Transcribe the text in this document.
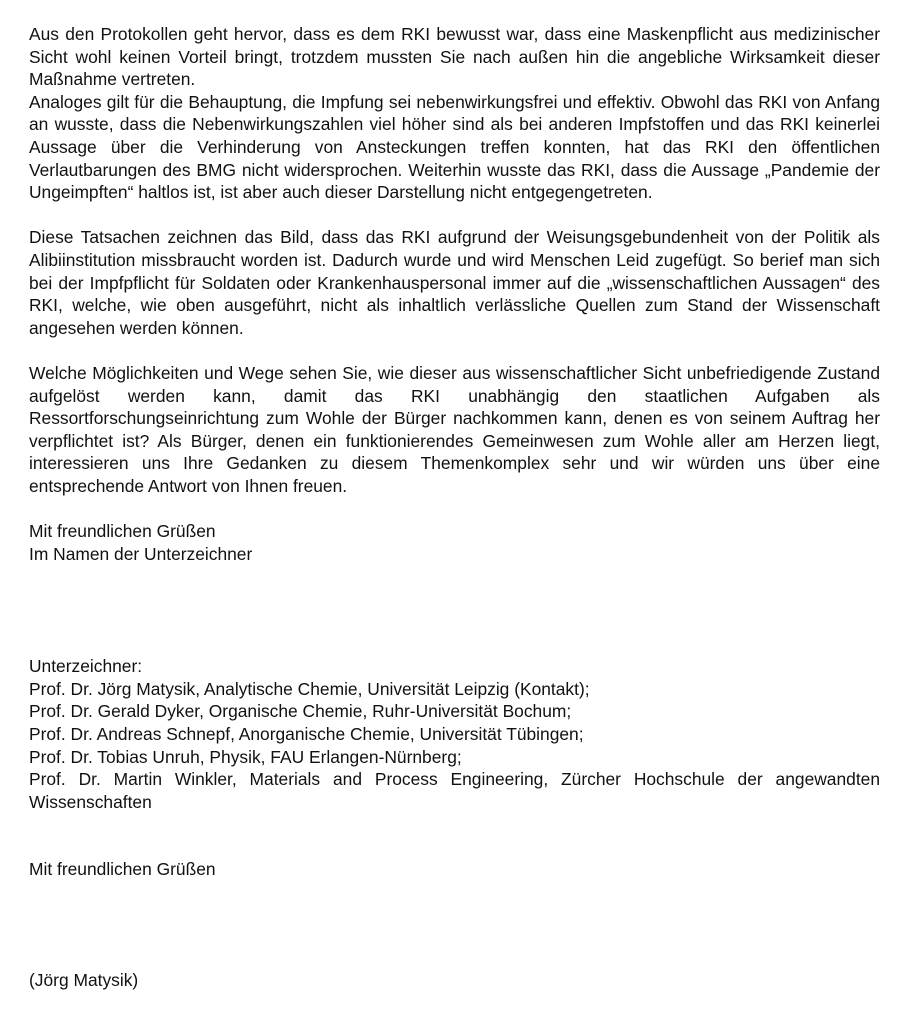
Aus den Protokollen geht hervor, dass es dem RKI bewusst war, dass eine Maskenpflicht aus medizinischer Sicht wohl keinen Vorteil bringt, trotzdem mussten Sie nach außen hin die angebliche Wirksamkeit dieser Maßnahme vertreten.

Analoges gilt für die Behauptung, die Impfung sei nebenwirkungsfrei und effektiv. Obwohl das RKI von Anfang an wusste, dass die Nebenwirkungszahlen viel höher sind als bei anderen Impfstoffen und das RKI keinerlei Aussage über die Verhinderung von Ansteckungen treffen konnten, hat das RKI den öffentlichen Verlautbarungen des BMG nicht widersprochen. Weiterhin wusste das RKI, dass die Aussage „Pandemie der Ungeimpften“ haltlos ist, ist aber auch dieser Darstellung nicht entgegengetreten.

Diese Tatsachen zeichnen das Bild, dass das RKI aufgrund der Weisungsgebundenheit von der Politik als Alibiinstitution missbraucht worden ist. Dadurch wurde und wird Menschen Leid zugefügt. So berief man sich bei der Impfpflicht für Soldaten oder Krankenhauspersonal immer auf die „wissenschaftlichen Aussagen“ des RKI, welche, wie oben ausgeführt, nicht als inhaltlich verlässliche Quellen zum Stand der Wissenschaft angesehen werden können.

Welche Möglichkeiten und Wege sehen Sie, wie dieser aus wissenschaftlicher Sicht unbefriedigende Zustand aufgelöst werden kann, damit das RKI unabhängig den staatlichen Aufgaben als Ressortforschungseinrichtung zum Wohle der Bürger nachkommen kann, denen es von seinem Auftrag her verpflichtet ist? Als Bürger, denen ein funktionierendes Gemeinwesen zum Wohle aller am Herzen liegt, interessieren uns Ihre Gedanken zu diesem Themenkomplex sehr und wir würden uns über eine entsprechende Antwort von Ihnen freuen.

Mit freundlichen Grüßen

Im Namen der Unterzeichner

Unterzeichner:

Prof. Dr. Jörg Matysik, Analytische Chemie, Universität Leipzig (Kontakt);

Prof. Dr. Gerald Dyker, Organische Chemie, Ruhr-Universität Bochum;

Prof. Dr. Andreas Schnepf, Anorganische Chemie, Universität Tübingen;

Prof. Dr. Tobias Unruh, Physik, FAU Erlangen-Nürnberg;

Prof. Dr. Martin Winkler, Materials and Process Engineering, Zürcher Hochschule der angewandten Wissenschaften

Mit freundlichen Grüßen

(Jörg Matysik)
